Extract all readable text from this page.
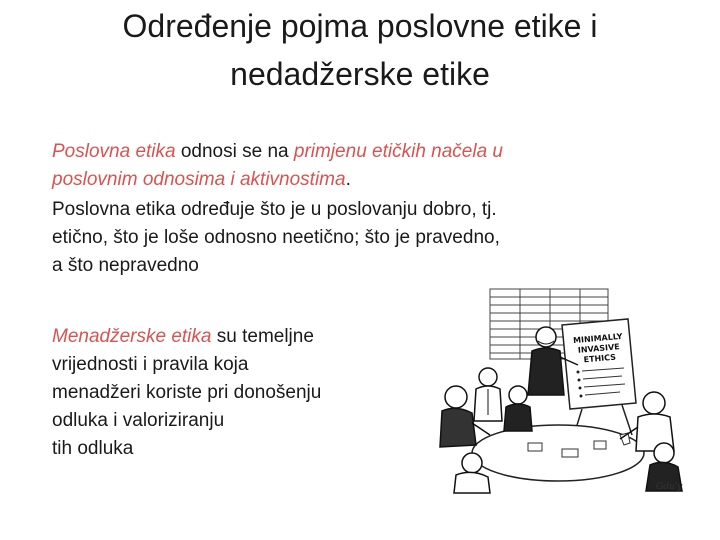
Određenje pojma poslovne etike i
nedadžerske etike
Poslovna etika odnosi se na primjenu etičkih načela u
poslovnim odnosima i aktivnostima.
Poslovna etika određuje što je u poslovanju dobro, tj.
etično, što je loše odnosno neetično; što je pravedno,
a što nepravedno
Menadžerske etika su temeljne
vrijednosti i pravila koja
menadžeri koriste pri donošenju
odluka i valoriziranju
tih odluka
MINIMALLY
INVASIVE
ETHICS
Gdu'y
